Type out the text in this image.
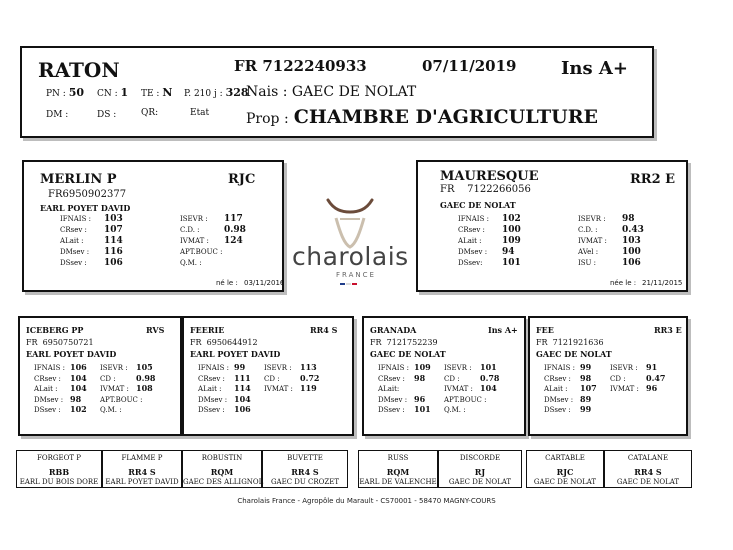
RATON	FR 7122240933	07/11/2019 Ins A+
PN : 50 CN : 1 TE : N P. 210 j : 328
Nais : GAEC DE NOLAT
DM :	DS :	QR:	Etat	Prop : CHAMBRE D'AGRICULTURE
charolais
FRANCE
MERLIN P	RJC
FR6950902377
EARL POYET DAVID
né le : 03/11/2016
IFNAIS : 103
CRsev : 107
ALait : 114
DMsev : 116
DSsev : 106
ISEVR : 117
C.D. :	0.98
IVMAT : 124
APT.BOUC :
Q.M. :
MAURESQUE	RR2 E
FR    7122266056
GAEC DE NOLAT
née le : 21/11/2015
IFNAIS : 102
CRsev : 100
ALait : 109
DMsev : 94
DSsev: 101
ISEVR : 98
C.D. :	0.43
IVMAT : 103
AVel :	100
ISU :	106
ICEBERG PP	RVS
FR  6950750721
EARL POYET DAVID
IFNAIS : 106
CRsev : 104
ALait : 104
DMsev : 98
DSsev : 102
ISEVR : 105
CD :	0.98
IVMAT : 108
APT.BOUC :
Q.M. :
FEERIE	RR4 S
FR  6950644912
EARL POYET DAVID
IFNAIS : 99
CRsev : 111
ALait : 114
DMsev : 104
DSsev : 106
ISEVR : 113
CD :	0.72
IVMAT : 119
GRANADA	Ins A+
FR  7121752239
GAEC DE NOLAT
IFNAIS : 109
CRsev : 98
ALait:
DMsev : 96
DSsev : 101
ISEVR : 101
CD :	0.78
IVMAT : 104
APT.BOUC :
Q.M. :
FEE	RR3 E
FR  7121921636
GAEC DE NOLAT
IFNAIS : 99
CRsev : 98
ALait : 107
DMsev : 89
DSsev : 99
ISEVR : 91
CD :	0.47
IVMAT : 96
FORGEOT P
RBB
EARL DU BOIS DORE
FLAMME P
RR4 S
EARL POYET DAVID
ROBUSTIN
RQM
GAEC DES ALLIGNOL
BUVETTE
RR4 S
GAEC DU CROZET
RUSS
RQM
EARL DE VALENCHE
DISCORDE
RJ
GAEC DE NOLAT
CARTABLE
RJC
GAEC DE NOLAT
CATALANE
RR4 S
GAEC DE NOLAT
Charolais France - Agropôle du Marault - CS70001 - 58470 MAGNY-COURS
